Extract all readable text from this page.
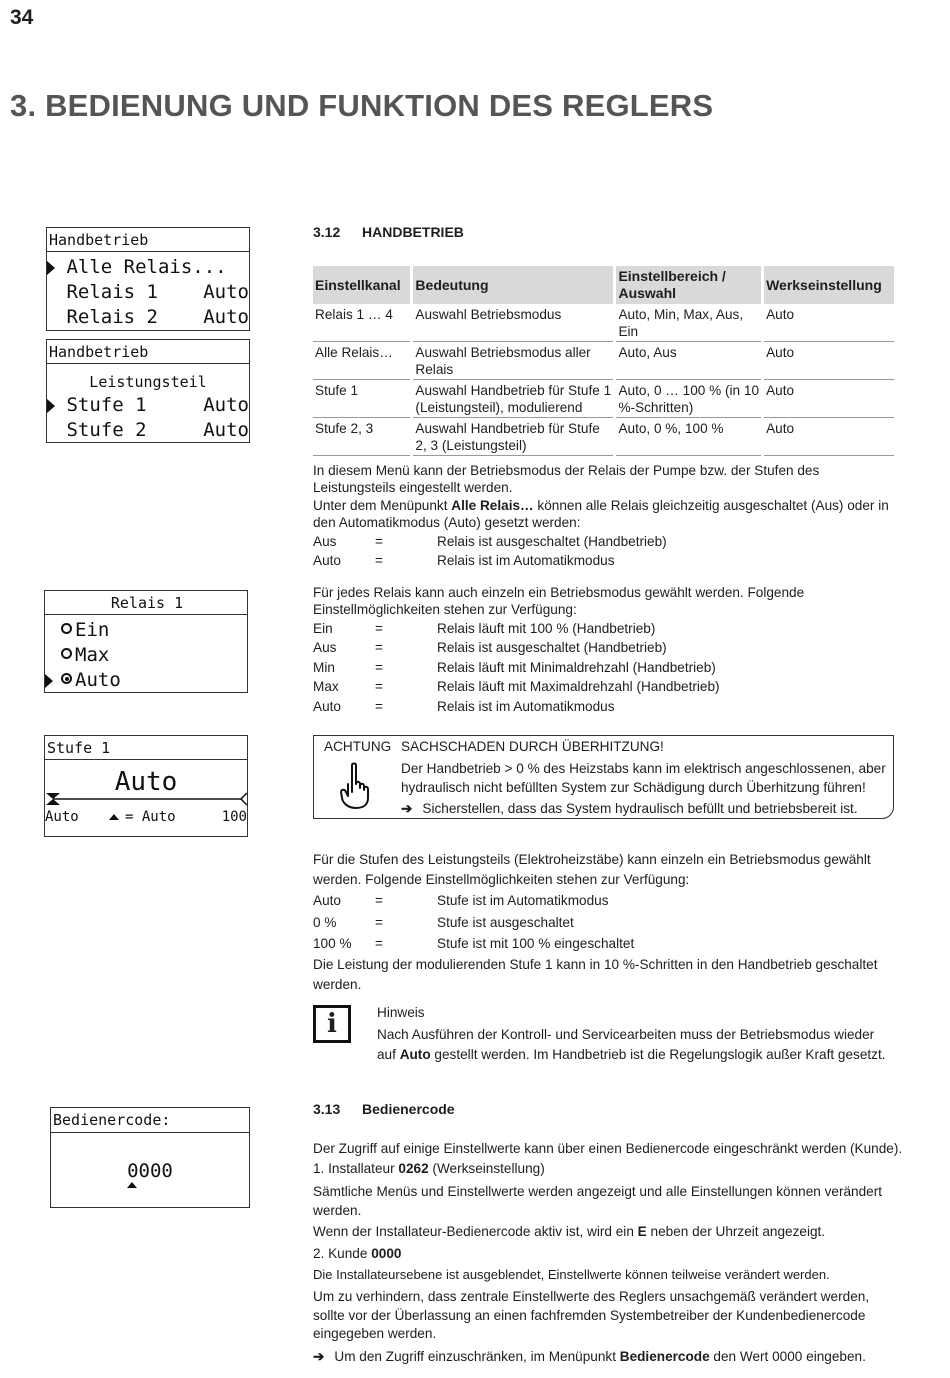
34
3. BEDIENUNG UND FUNKTION DES REGLERS
Handbetrieb
Alle Relais...
Relais 1 Auto
Relais 2 Auto
Handbetrieb
Leistungsteil
Stufe 1	Auto
Stufe 2	Auto
Relais 1
Ein
Max
Auto
Stufe 1
Auto
Auto	= Auto	100
Bedienercode:
0000
3.12 HANDBETRIEB
Einstellkanal	Bedeutung	Einstellbereich / Auswahl	Werkseinstellung
Relais 1 … 4	Auswahl Betriebsmodus	Auto, Min, Max, Aus, Ein	Auto
Alle Relais…	Auswahl Betriebsmodus aller Relais	Auto, Aus	Auto
Stufe 1	Auswahl Handbetrieb für Stufe 1 (Leistungsteil), modulierend	Auto, 0 … 100 % (in 10 %-Schritten)	Auto
Stufe 2, 3	Auswahl Handbetrieb für Stufe 2, 3 (Leistungsteil)	Auto, 0 %, 100 %	Auto
In diesem Menü kann der Betriebsmodus der Relais der Pumpe bzw. der Stufen des Leistungsteils eingestellt werden.
Unter dem Menüpunkt Alle Relais… können alle Relais gleichzeitig ausgeschaltet (Aus) oder in den Automatikmodus (Auto) gesetzt werden:
Aus	=	Relais ist ausgeschaltet (Handbetrieb)
Auto	=	Relais ist im Automatikmodus
Für jedes Relais kann auch einzeln ein Betriebsmodus gewählt werden. Folgende Einstellmöglichkeiten stehen zur Verfügung:
Ein	=	Relais läuft mit 100 % (Handbetrieb)
Aus	=	Relais ist ausgeschaltet (Handbetrieb)
Min	=	Relais läuft mit Minimaldrehzahl (Handbetrieb)
Max	=	Relais läuft mit Maximaldrehzahl (Handbetrieb)
Auto	=	Relais ist im Automatikmodus
ACHTUNG SACHSCHADEN DURCH ÜBERHITZUNG!
Der Handbetrieb > 0 % des Heizstabs kann im elektrisch angeschlossenen, aber hydraulisch nicht befüllten System zur Schädigung durch Überhitzung führen!
➔ Sicherstellen, dass das System hydraulisch befüllt und betriebsbereit ist.
Für die Stufen des Leistungsteils (Elektroheizstäbe) kann einzeln ein Betriebsmodus gewählt werden. Folgende Einstellmöglichkeiten stehen zur Verfügung:
Auto	=	Stufe ist im Automatikmodus
0 %	=	Stufe ist ausgeschaltet
100 %	=	Stufe ist mit 100 % eingeschaltet
Die Leistung der modulierenden Stufe 1 kann in 10 %-Schritten in den Handbetrieb geschaltet werden.
i	Hinweis
Nach Ausführen der Kontroll- und Servicearbeiten muss der Betriebsmodus wieder auf Auto gestellt werden. Im Handbetrieb ist die Regelungslogik außer Kraft gesetzt.
3.13 Bedienercode
Der Zugriff auf einige Einstellwerte kann über einen Bedienercode eingeschränkt werden (Kunde).
1. Installateur 0262 (Werkseinstellung)
Sämtliche Menüs und Einstellwerte werden angezeigt und alle Einstellungen können verändert werden.
Wenn der Installateur-Bedienercode aktiv ist, wird ein E neben der Uhrzeit angezeigt.
2. Kunde 0000
Die Installateursebene ist ausgeblendet, Einstellwerte können teilweise verändert werden.
Um zu verhindern, dass zentrale Einstellwerte des Reglers unsachgemäß verändert werden, sollte vor der Überlassung an einen fachfremden Systembetreiber der Kundenbedienercode eingegeben werden.
➔ Um den Zugriff einzuschränken, im Menüpunkt Bedienercode den Wert 0000 eingeben.
